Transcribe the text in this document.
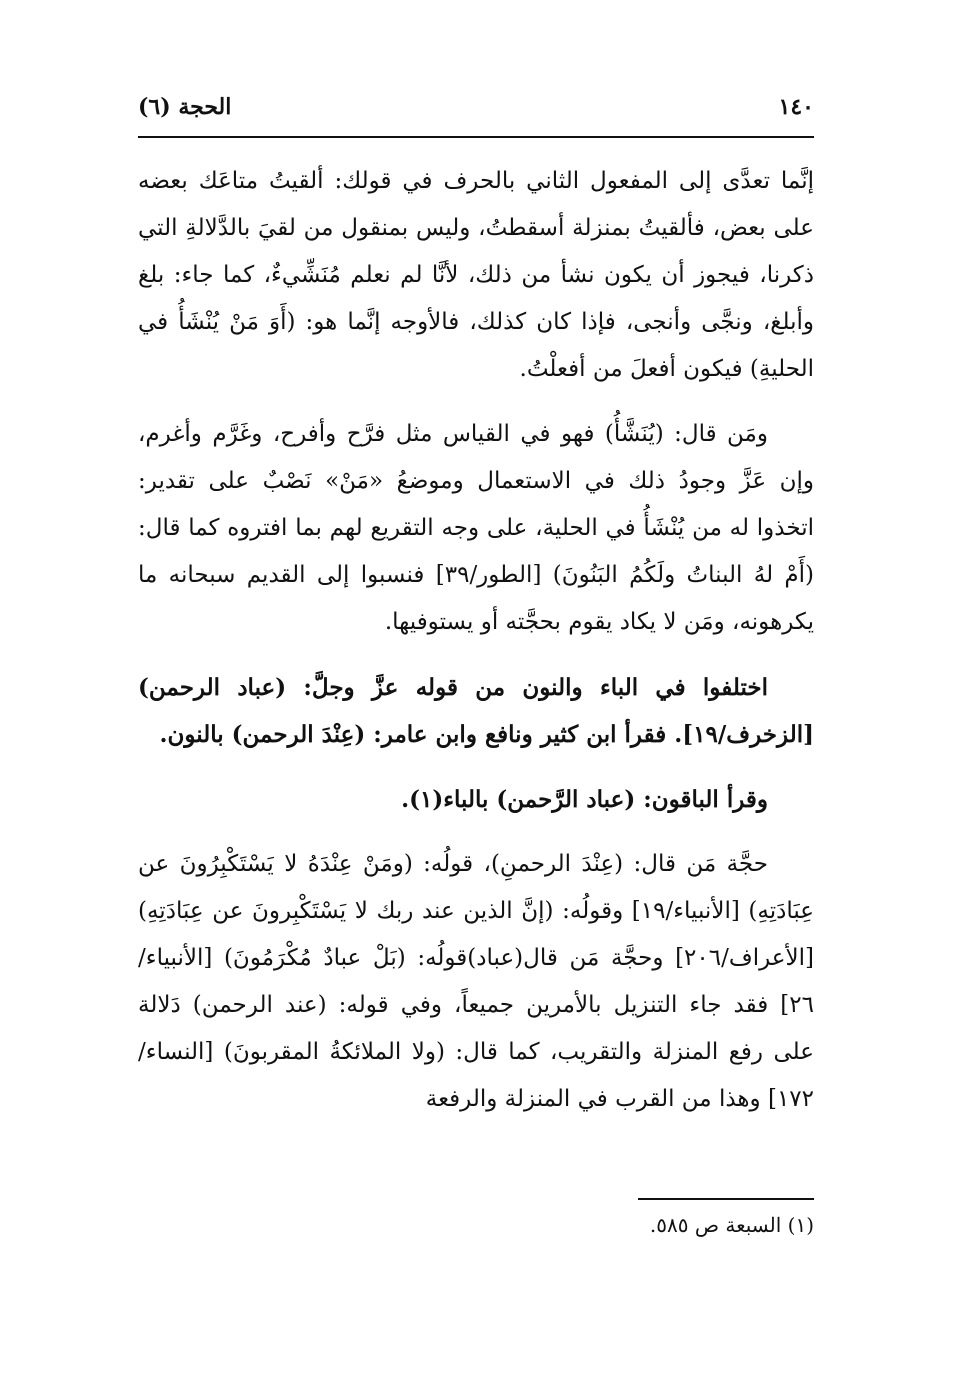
١٤٠
الحجة (٦)

إنَّما تعدَّى إلى المفعول الثاني بالحرف في قولك: ألقيتُ متاعَك بعضه على بعض، فألقيتُ بمنزلة أسقطتُ، وليس بمنقول من لقيَ بالدَّلالةِ التي ذكرنا، فيجوز أن يكون نشأ من ذلك، لأنَّا لم نعلم مُنَشِّيءٌ، كما جاء: بلغ وأبلغ، ونجَّى وأنجى، فإذا كان كذلك، فالأوجه إنَّما هو: (أَوَ مَنْ يُنْشَأُ في الحليةِ) فيكون أفعلَ من أفعلْتُ.

ومَن قال: (يُنَشَّأُ) فهو في القياس مثل فرَّح وأفرح، وغَرَّم وأغرم، وإن عَزَّ وجودُ ذلك في الاستعمال وموضعُ «مَنْ» نَصْبٌ على تقدير: اتخذوا له من يُنْشَأُ في الحلية، على وجه التقريع لهم بما افتروه كما قال: (أَمْ لهُ البناتُ ولَكُمُ البَنُونَ) [الطور/٣٩] فنسبوا إلى القديم سبحانه ما يكرهونه، ومَن لا يكاد يقوم بحجَّته أو يستوفيها.

اختلفوا في الباء والنون من قوله عزَّ وجلَّ: (عباد الرحمن) [الزخرف/١٩]. فقرأ ابن كثير ونافع وابن عامر: (عِنْدَ الرحمن) بالنون.

وقرأ الباقون: (عباد الرَّحمن) بالباء(١).

حجَّة مَن قال: (عِنْدَ الرحمنِ)، قولُه: (ومَنْ عِنْدَهُ لا يَسْتَكْبِرُونَ عن عِبَادَتِهِ) [الأنبياء/١٩] وقولُه: (إنَّ الذين عند ربك لا يَسْتَكْبِرونَ عن عِبَادَتِهِ) [الأعراف/٢٠٦] وحجَّة مَن قال(عباد)قولُه: (بَلْ عبادٌ مُكْرَمُونَ) [الأنبياء/٢٦] فقد جاء التنزيل بالأمرين جميعاً، وفي قوله: (عند الرحمن) دَلالة على رفع المنزلة والتقريب، كما قال: (ولا الملائكةُ المقربونَ) [النساء/١٧٢] وهذا من القرب في المنزلة والرفعة

(١) السبعة ص ٥٨٥.
